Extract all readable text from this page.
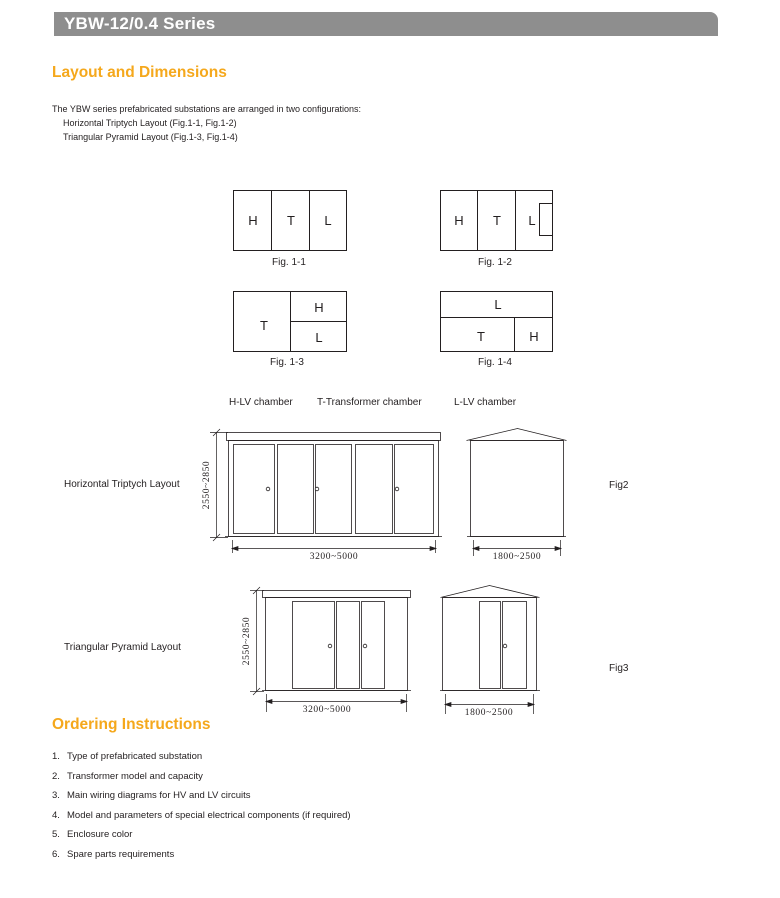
YBW-12/0.4 Series
Layout and Dimensions
The YBW series prefabricated substations are arranged in two configurations:
Horizontal Triptych Layout (Fig.1-1, Fig.1-2)
Triangular Pyramid Layout (Fig.1-3, Fig.1-4)
H T L	H T L
T
H
L
L
T	H
Fig. 1-1	Fig. 1-2
Fig. 1-3	Fig. 1-4
H-LV chamber T-Transformer chamber	L-LV chamber
Horizontal Triptych Layout	Fig2
Triangular Pyramid Layout
Fig3
2550~2850
3200~5000	1800~2500
2550~2850
3200~5000	1800~2500
Ordering Instructions
1. Type of prefabricated substation
2. Transformer model and capacity
3. Main wiring diagrams for HV and LV circuits
4. Model and parameters of special electrical components (if required)
5. Enclosure color
6. Spare parts requirements
